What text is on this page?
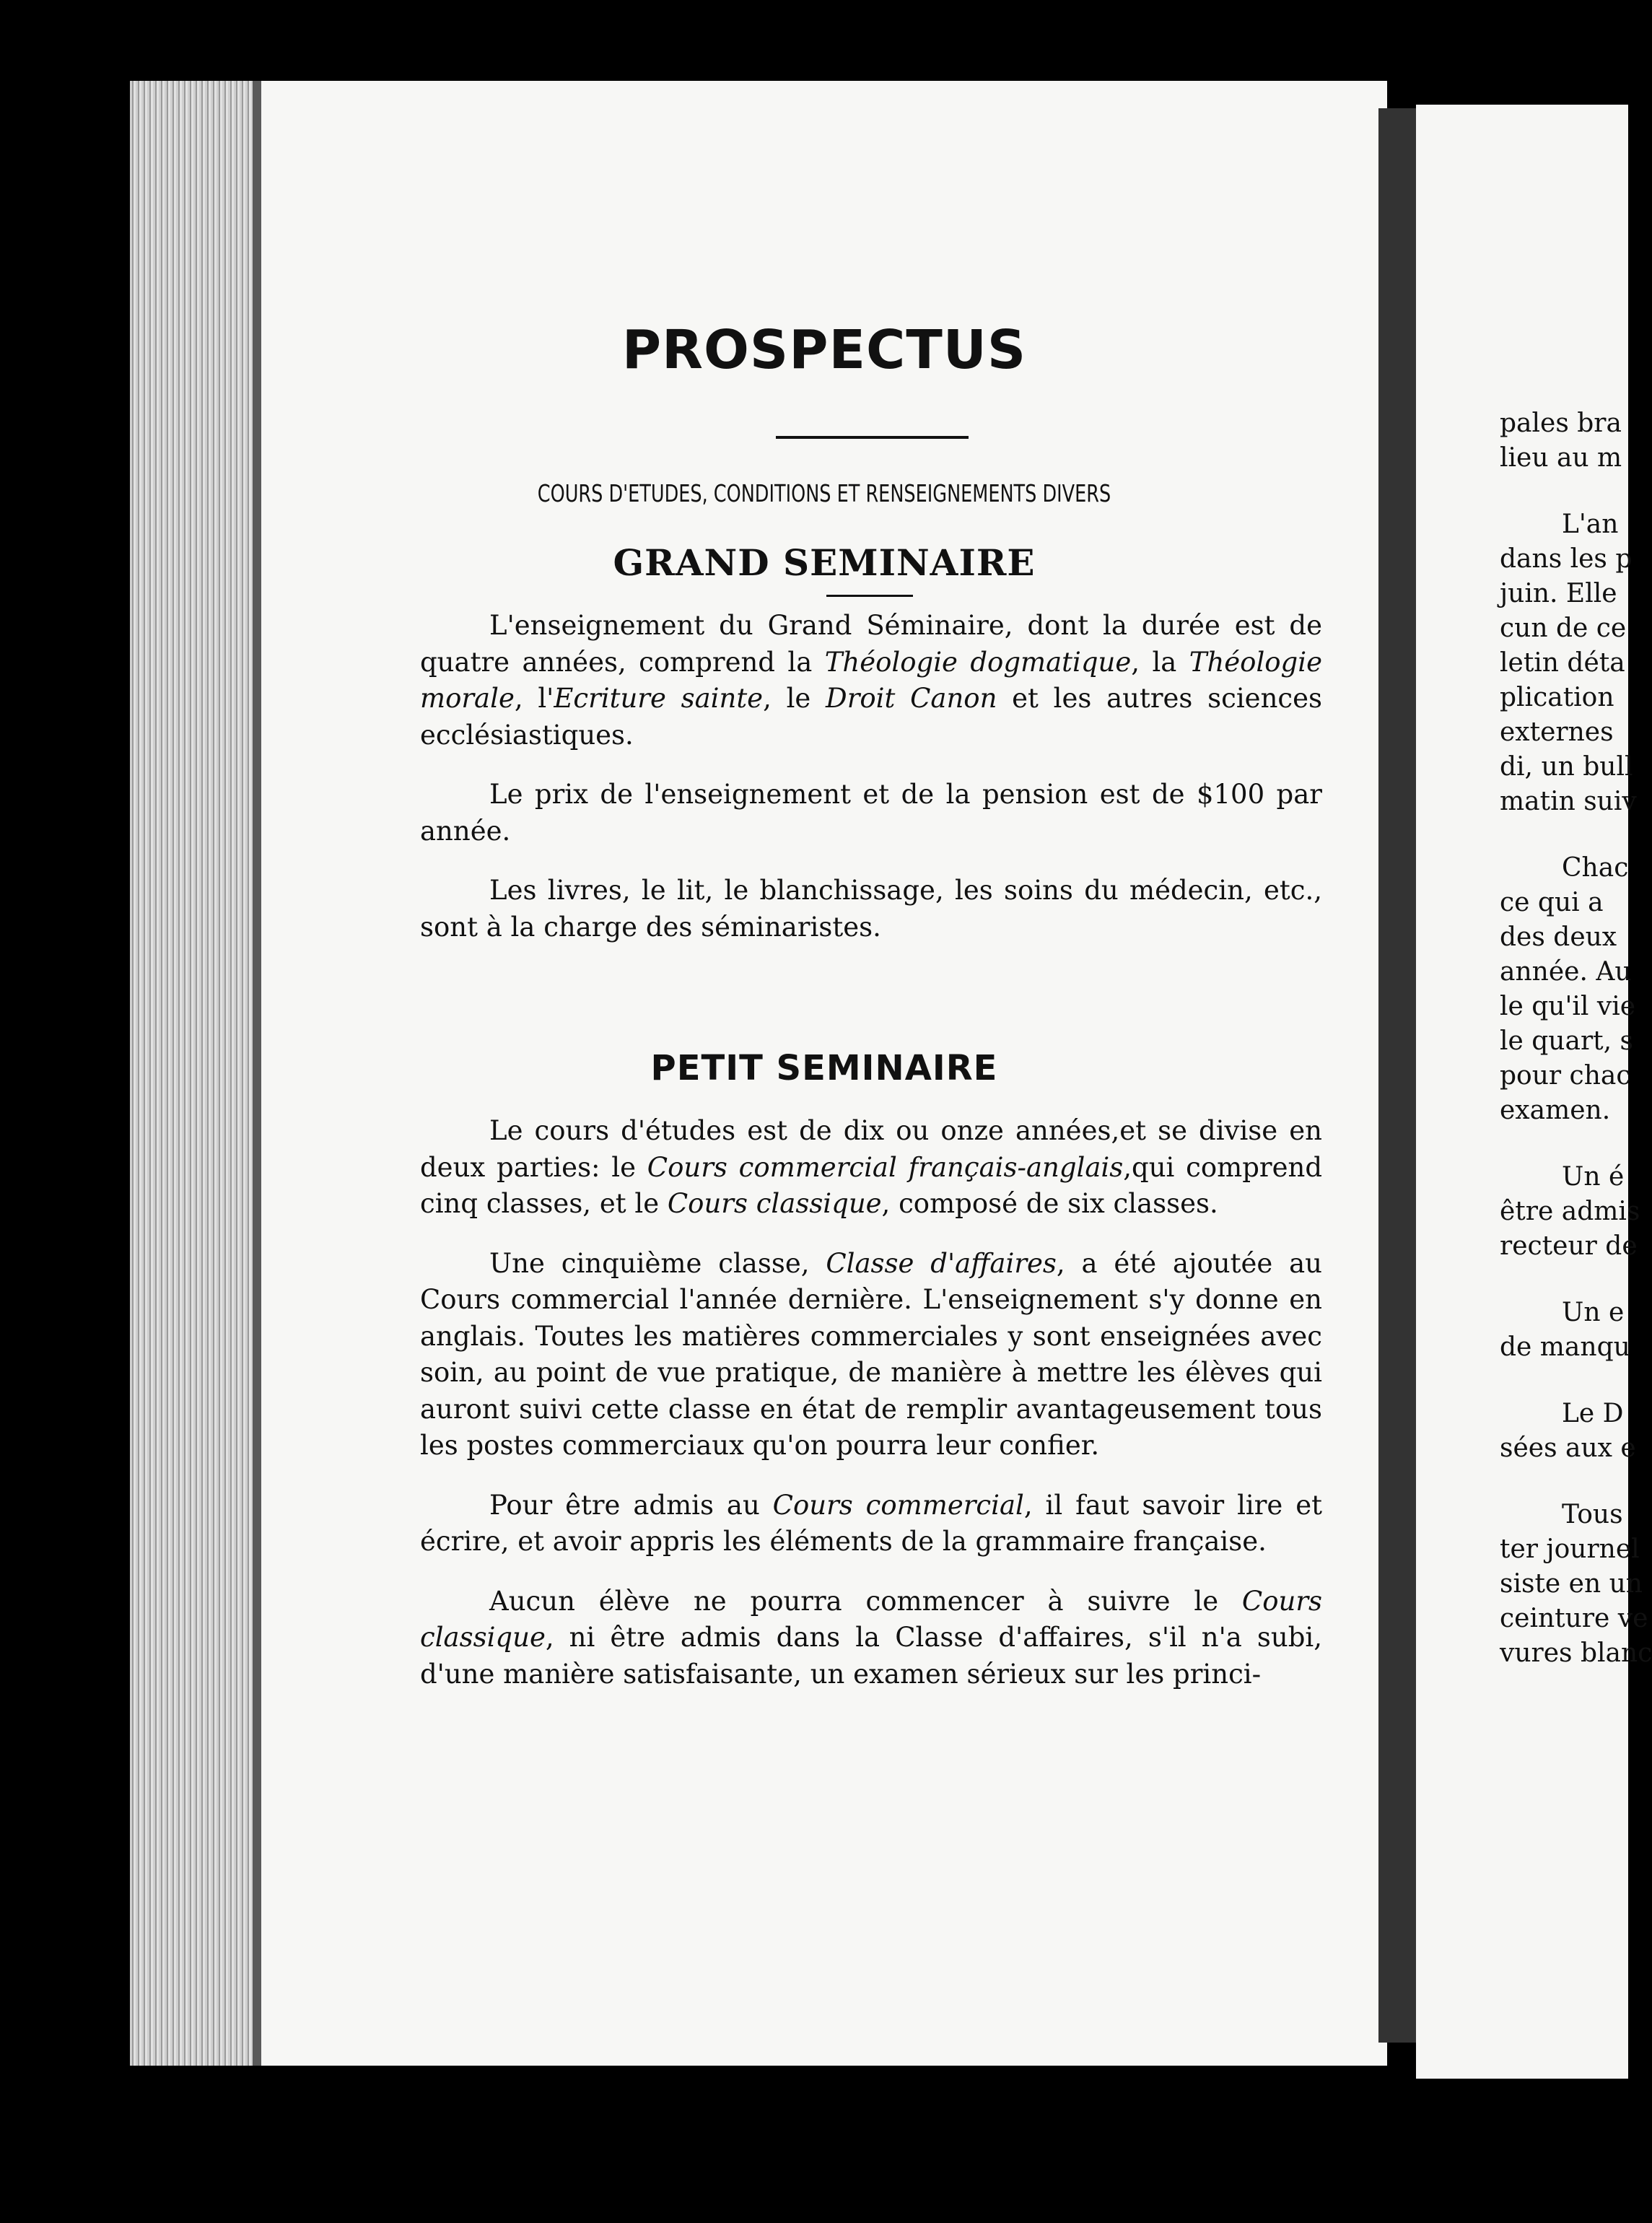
PROSPECTUS
COURS D'ETUDES, CONDITIONS ET RENSEIGNEMENTS DIVERS
GRAND SEMINAIRE

L'enseignement du Grand Séminaire, dont la durée est de quatre années, comprend la Théologie dogmatique, la Théologie morale, l'Ecriture sainte, le Droit Canon et les autres sciences ecclésiastiques.

Le prix de l'enseignement et de la pension est de $100 par année.

Les livres, le lit, le blanchissage, les soins du médecin, etc., sont à la charge des séminaristes.

PETIT SEMINAIRE

Le cours d'études est de dix ou onze années,et se divise en deux parties: le Cours commercial français-anglais,qui comprend cinq classes, et le Cours classique, composé de six classes.

Une cinquième classe, Classe d'affaires, a été ajoutée au Cours commercial l'année dernière. L'enseignement s'y donne en anglais. Toutes les matières commerciales y sont enseignées avec soin, au point de vue pratique, de manière à mettre les élèves qui auront suivi cette classe en état de remplir avantageusement tous les postes commerciaux qu'on pourra leur confier.

Pour être admis au Cours commercial, il faut savoir lire et écrire, et avoir appris les éléments de la grammaire française.

Aucun élève ne pourra commencer à suivre le Cours classique, ni être admis dans la Classe d'affaires, s'il n'a subi, d'une manière satisfaisante, un examen sérieux sur les princi-

pales bra
lieu au m
L'an
dans les p
juin. Elle
cun de ce
letin déta
plication
externes
di, un bull
matin suiv
Chac
ce qui a
des deux
année. Au
le qu'il vie
le quart, s
pour chac
examen.
Un é
être admis
recteur de
Un e
de manqu
Le D
sées aux e
Tous
ter journel
siste en un
ceinture ve
vures blanc
